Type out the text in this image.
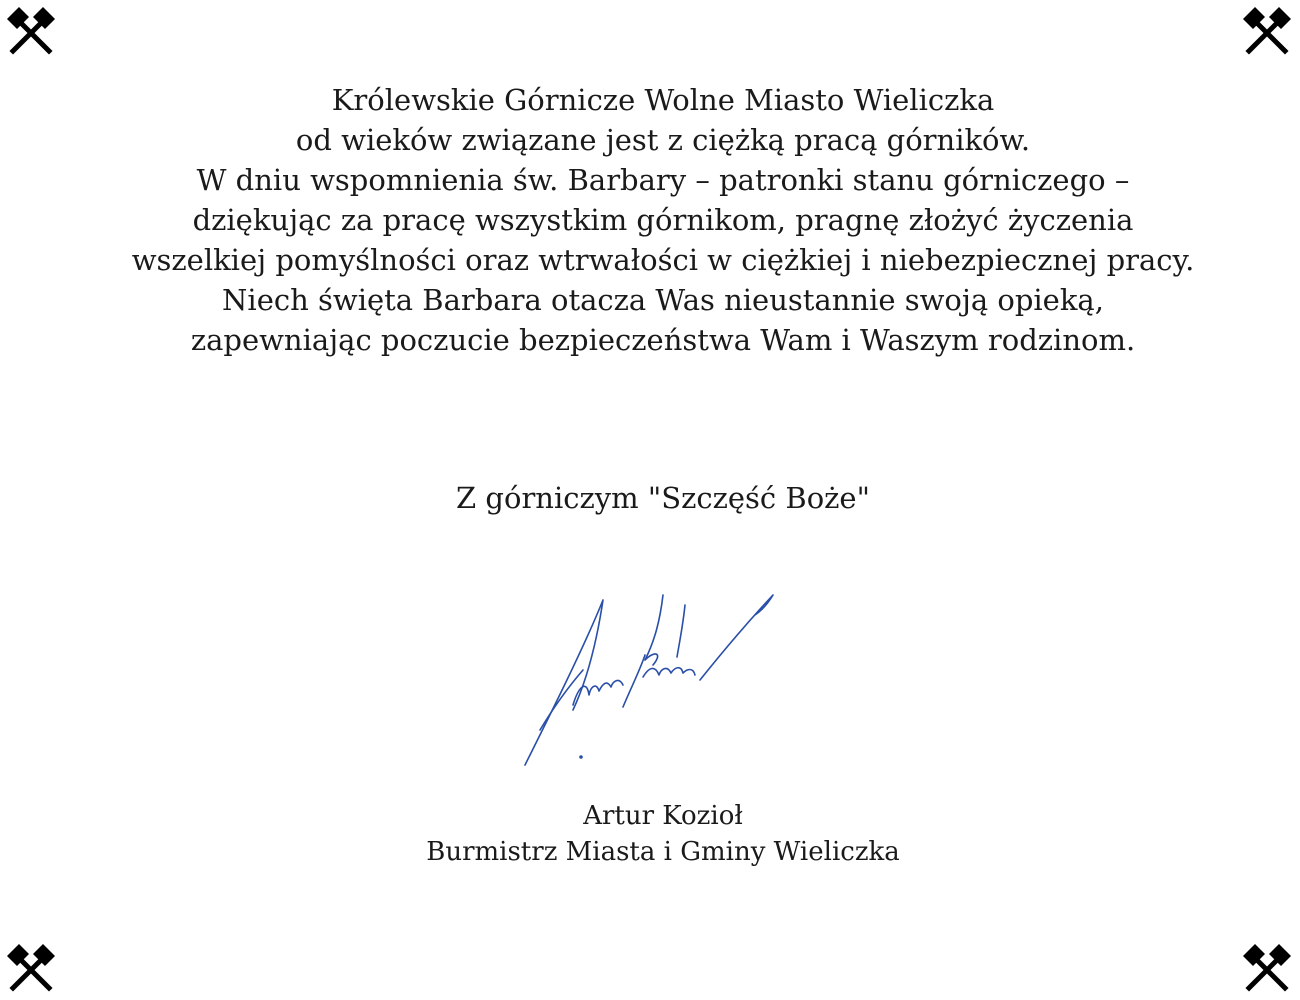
Królewskie Górnicze Wolne Miasto Wieliczka
od wieków związane jest z ciężką pracą górników.
W dniu wspomnienia św. Barbary – patronki stanu górniczego –
dziękując za pracę wszystkim górnikom, pragnę złożyć życzenia
wszelkiej pomyślności oraz wtrwałości w ciężkiej i niebezpiecznej pracy.
Niech święta Barbara otacza Was nieustannie swoją opieką,
zapewniając poczucie bezpieczeństwa Wam i Waszym rodzinom.
Z górniczym "Szczęść Boże"
Artur Kozioł
Burmistrz Miasta i Gminy Wieliczka
